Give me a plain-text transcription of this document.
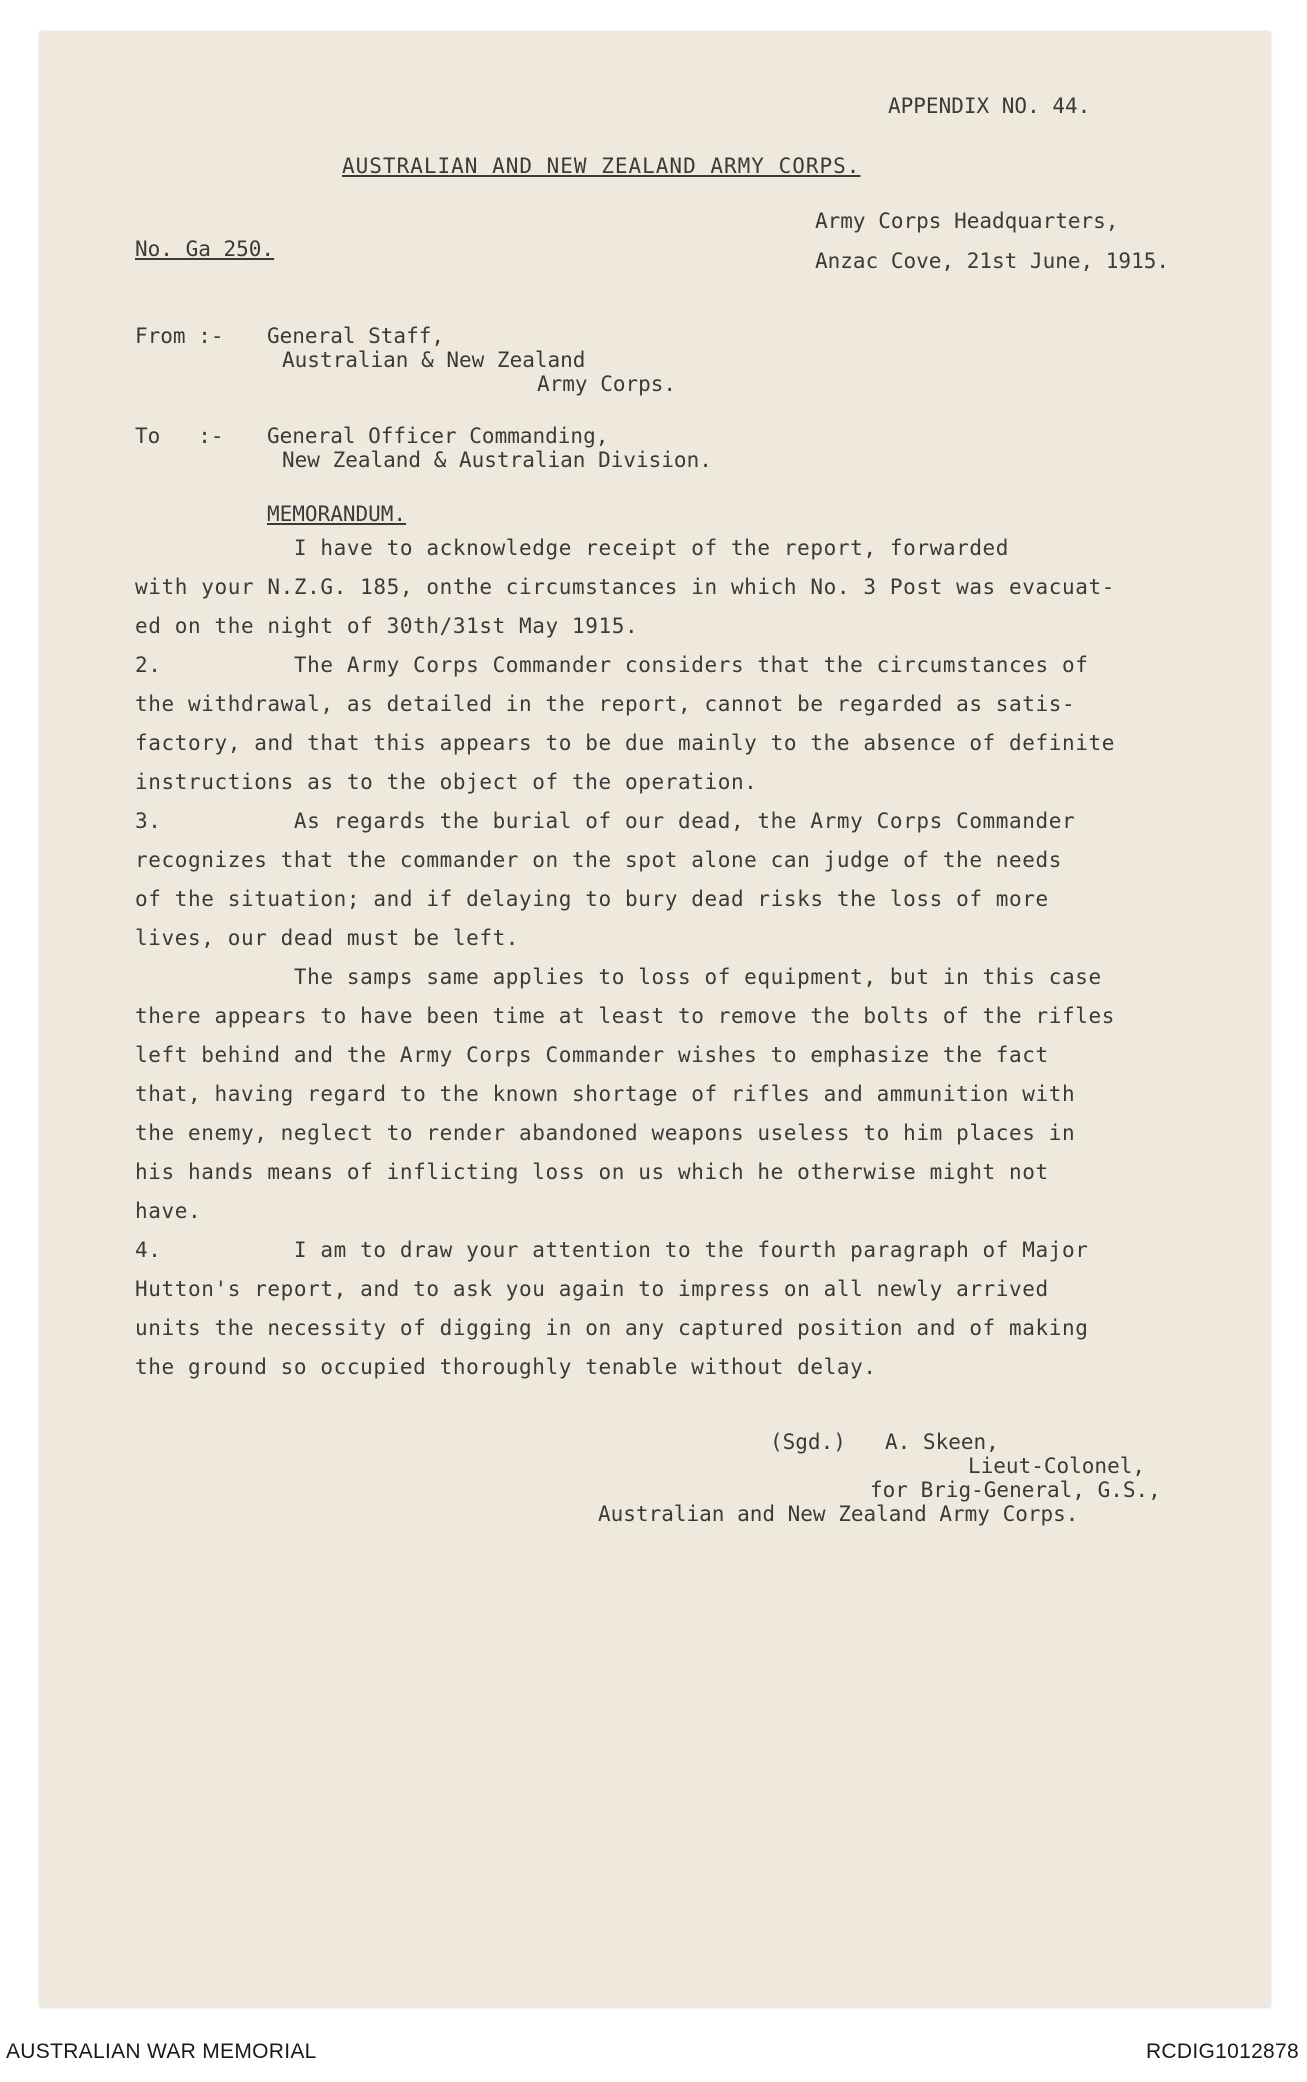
APPENDIX NO. 44.
AUSTRALIAN AND NEW ZEALAND ARMY CORPS.
No. Ga 250.
Army Corps Headquarters,
Anzac Cove, 21st June, 1915.
From :- General Staff,
Australian & New Zealand
Army Corps.
To   :- General Officer Commanding,
New Zealand & Australian Division.
MEMORANDUM.
I have to acknowledge receipt of the report, forwarded
with your N.Z.G. 185, onthe circumstances in which No. 3 Post was evacuat-
ed on the night of 30th/31st May 1915.
2.          The Army Corps Commander considers that the circumstances of
the withdrawal, as detailed in the report, cannot be regarded as satis-
factory, and that this appears to be due mainly to the absence of definite
instructions as to the object of the operation.
3.          As regards the burial of our dead, the Army Corps Commander
recognizes that the commander on the spot alone can judge of the needs
of the situation; and if delaying to bury dead risks the loss of more
lives, our dead must be left.
The samps same applies to loss of equipment, but in this case
there appears to have been time at least to remove the bolts of the rifles
left behind and the Army Corps Commander wishes to emphasize the fact
that, having regard to the known shortage of rifles and ammunition with
the enemy, neglect to render abandoned weapons useless to him places in
his hands means of inflicting loss on us which he otherwise might not
have.
4.          I am to draw your attention to the fourth paragraph of Major
Hutton's report, and to ask you again to impress on all newly arrived
units the necessity of digging in on any captured position and of making
the ground so occupied thoroughly tenable without delay.
(Sgd.) A. Skeen,
Lieut-Colonel,
for Brig-General, G.S.,
Australian and New Zealand Army Corps.
AUSTRALIAN WAR MEMORIAL	RCDIG1012878
